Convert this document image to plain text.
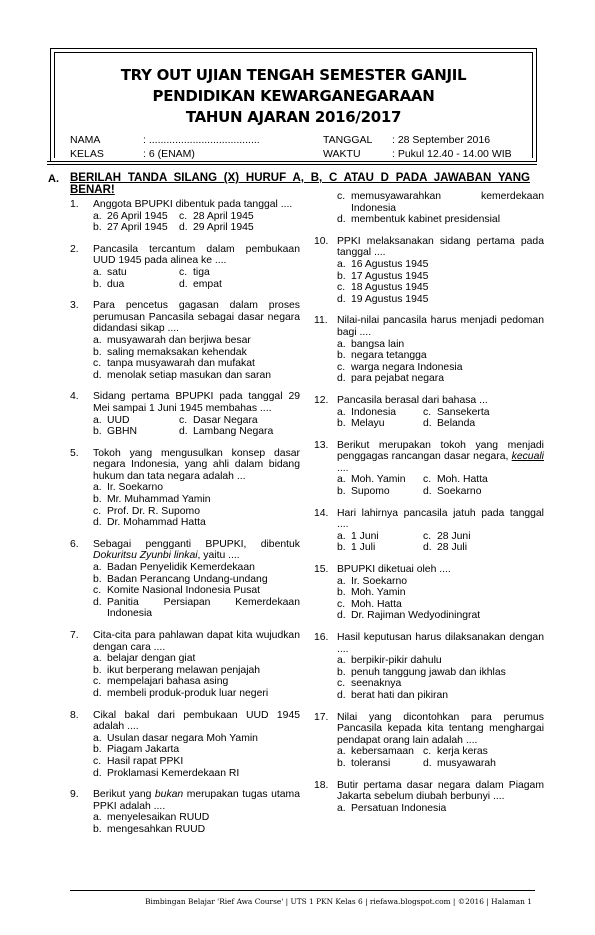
TRY OUT UJIAN TENGAH SEMESTER GANJIL
PENDIDIKAN KEWARGANEGARAAN
TAHUN AJARAN 2016/2017
NAMA	: ......................................
KELAS	: 6 (ENAM)
TANGGAL : 28 September 2016
WAKTU	: Pukul 12.40 - 14.00 WIB
A. BERILAH TANDA SILANG (X) HURUF A, B, C ATAU D PADA JAWABAN YANG BENAR!
1. Anggota BPUPKI dibentuk pada tanggal ....
a. 26 April 1945	c. 28 April 1945
b. 27 April 1945	d. 29 April 1945
2. Pancasila tercantum dalam pembukaan UUD 1945 pada alinea ke ....
a. satu	c. tiga
b. dua	d. empat
3. Para pencetus gagasan dalam proses perumusan Pancasila sebagai dasar negara didandasi sikap ....
a. musyawarah dan berjiwa besar
b. saling memaksakan kehendak
c. tanpa musyawarah dan mufakat
d. menolak setiap masukan dan saran
4. Sidang pertama BPUPKI pada tanggal 29 Mei sampai 1 Juni 1945 membahas ....
a. UUD	c. Dasar Negara
b. GBHN	d. Lambang Negara
5. Tokoh yang mengusulkan konsep dasar negara Indonesia, yang ahli dalam bidang hukum dan tata negara adalah ...
a. Ir. Soekarno
b. Mr. Muhammad Yamin
c. Prof. Dr. R. Supomo
d. Dr. Mohammad Hatta
6. Sebagai pengganti BPUPKI, dibentuk Dokuritsu Zyunbi linkai, yaitu ....
a. Badan Penyelidik Kemerdekaan
b. Badan Perancang Undang-undang
c. Komite Nasional Indonesia Pusat
d. Panitia Persiapan Kemerdekaan Indonesia
7. Cita-cita para pahlawan dapat kita wujudkan dengan cara ....
a. belajar dengan giat
b. ikut berperang melawan penjajah
c. mempelajari bahasa asing
d. membeli produk-produk luar negeri
8. Cikal bakal dari pembukaan UUD 1945 adalah ....
a. Usulan dasar negara Moh Yamin
b. Piagam Jakarta
c. Hasil rapat PPKI
d. Proklamasi Kemerdekaan RI
9. Berikut yang bukan merupakan tugas utama PPKI adalah ....
a. menyelesaikan RUUD
b. mengesahkan RUUD
c. memusyawarahkan kemerdekaan Indonesia
d. membentuk kabinet presidensial
10. PPKI melaksanakan sidang pertama pada tanggal ....
a. 16 Agustus 1945
b. 17 Agustus 1945
c. 18 Agustus 1945
d. 19 Agustus 1945
11. Nilai-nilai pancasila harus menjadi pedoman bagi ....
a. bangsa lain
b. negara tetangga
c. warga negara Indonesia
d. para pejabat negara
12. Pancasila berasal dari bahasa ...
a. Indonesia	c. Sansekerta
b. Melayu	d. Belanda
13. Berikut merupakan tokoh yang menjadi penggagas rancangan dasar negara, kecuali ....
a. Moh. Yamin	c. Moh. Hatta
b. Supomo	d. Soekarno
14. Hari lahirnya pancasila jatuh pada tanggal ....
a. 1 Juni	c. 28 Juni
b. 1 Juli	d. 28 Juli
15. BPUPKI diketuai oleh ....
a. Ir. Soekarno
b. Moh. Yamin
c. Moh. Hatta
d. Dr. Rajiman Wedyodiningrat
16. Hasil keputusan harus dilaksanakan dengan ....
a. berpikir-pikir dahulu
b. penuh tanggung jawab dan ikhlas
c. seenaknya
d. berat hati dan pikiran
17. Nilai yang dicontohkan para perumus Pancasila kepada kita tentang menghargai pendapat orang lain adalah ....
a. kebersamaan c. kerja keras
b. toleransi	d. musyawarah
18. Butir pertama dasar negara dalam Piagam Jakarta sebelum diubah berbunyi ....
a. Persatuan Indonesia
Bimbingan Belajar 'Rief Awa Course' | UTS 1 PKN Kelas 6 | riefawa.blogspot.com | ©2016 | Halaman 1
